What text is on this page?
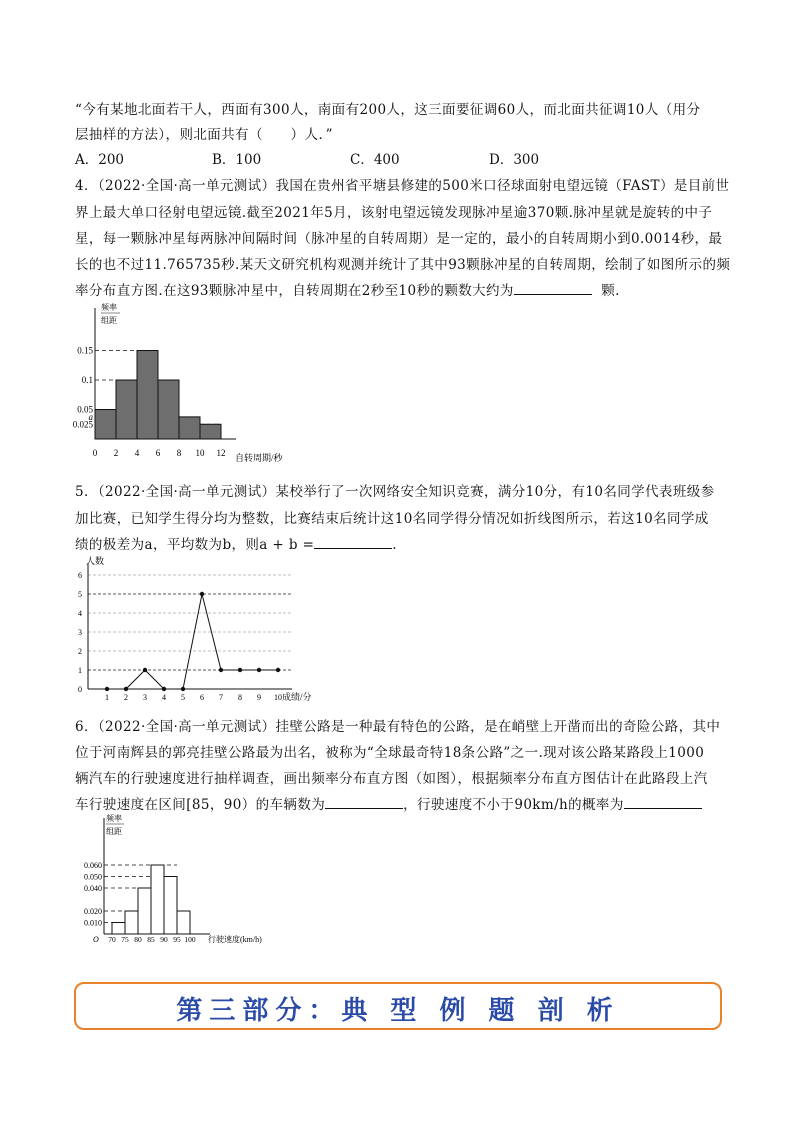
“今有某地北面若干人，西面有300人，南面有200人，这三面要征调60人，而北面共征调10人（用分
层抽样的方法），则北面共有（　　）人．”
A．200	B．100	C．400	D．300
4．（2022·全国·高一单元测试）我国在贵州省平塘县修建的500米口径球面射电望远镜（FAST）是目前世
界上最大单口径射电望远镜.截至2021年5月，该射电望远镜发现脉冲星逾370颗.脉冲星就是旋转的中子
星，每一颗脉冲星每两脉冲间隔时间（脉冲星的自转周期）是一定的，最小的自转周期小到0.0014秒，最
长的也不过11.765735秒.某天文研究机构观测并统计了其中93颗脉冲星的自转周期，绘制了如图所示的频
率分布直方图.在这93颗脉冲星中，自转周期在2秒至10秒的颗数大约为	颗.
频率
组距
0.15
0.1
a
0.05
0.025
0 2 4 6 8 10 12 自转周期/秒
5．（2022·全国·高一单元测试）某校举行了一次网络安全知识竞赛，满分10分，有10名同学代表班级参
加比赛，已知学生得分均为整数，比赛结束后统计这10名同学得分情况如折线图所示，若这10名同学成
绩的极差为a，平均数为b，则a + b =	.
人数
6
5
4
3
2
1
0
1 2 3 4 5 6 7 8 9 10 成绩/分
6．（2022·全国·高一单元测试）挂壁公路是一种最有特色的公路，是在峭壁上开凿而出的奇险公路，其中
位于河南辉县的郭亮挂壁公路最为出名，被称为“全球最奇特18条公路”之一.现对该公路某路段上1000
辆汽车的行驶速度进行抽样调查，画出频率分布直方图（如图），根据频率分布直方图估计在此路段上汽
车行驶速度在区间[85，90）的车辆数为	，行驶速度不小于90km/h的概率为
频率
组距
O
0.060
0.050
0.040
0.020
0.010
70 75 80 85 90 95 100 行驶速度(km/h)
第三部分：典 型 例 题 剖 析
